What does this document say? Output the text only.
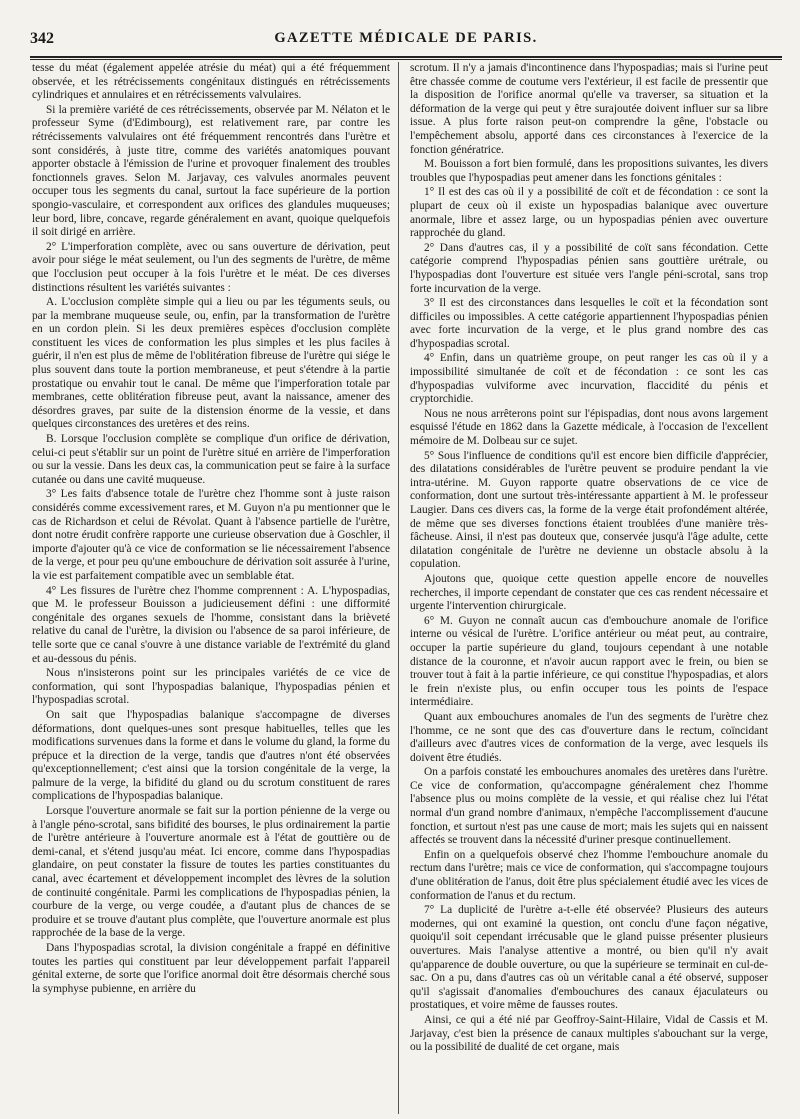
342	GAZETTE MÉDICALE DE PARIS.

tesse du méat (également appelée atrésie du méat) qui a été fréquemment observée, et les rétrécissements congénitaux distingués en rétrécissements cylindriques et annulaires et en rétrécissements valvulaires.

Si la première variété de ces rétrécissements, observée par M. Nélaton et le professeur Syme (d'Edimbourg), est relativement rare, par contre les rétrécissements valvulaires ont été fréquemment rencontrés dans l'urètre et sont considérés, à juste titre, comme des variétés anatomiques pouvant apporter obstacle à l'émission de l'urine et provoquer finalement des troubles fonctionnels graves. Selon M. Jarjavay, ces valvules anormales peuvent occuper tous les segments du canal, surtout la face supérieure de la portion spongio-vasculaire, et correspondent aux orifices des glandules muqueuses; leur bord, libre, concave, regarde généralement en avant, quoique quelquefois il soit dirigé en arrière.

2° L'imperforation complète, avec ou sans ouverture de dérivation, peut avoir pour siége le méat seulement, ou l'un des segments de l'urètre, de même que l'occlusion peut occuper à la fois l'urètre et le méat. De ces diverses distinctions résultent les variétés suivantes :

A. L'occlusion complète simple qui a lieu ou par les téguments seuls, ou par la membrane muqueuse seule, ou, enfin, par la transformation de l'urètre en un cordon plein. Si les deux premières espèces d'occlusion complète constituent les vices de conformation les plus simples et les plus faciles à guérir, il n'en est plus de même de l'oblitération fibreuse de l'urètre qui siége le plus souvent dans toute la portion membraneuse, et peut s'étendre à la partie prostatique ou envahir tout le canal. De même que l'imperforation totale par membranes, cette oblitération fibreuse peut, avant la naissance, amener des désordres graves, par suite de la distension énorme de la vessie, et dans quelques circonstances des uretères et des reins.

B. Lorsque l'occlusion complète se complique d'un orifice de dérivation, celui-ci peut s'établir sur un point de l'urètre situé en arrière de l'imperforation ou sur la vessie. Dans les deux cas, la communication peut se faire à la surface cutanée ou dans une cavité muqueuse.

3° Les faits d'absence totale de l'urètre chez l'homme sont à juste raison considérés comme excessivement rares, et M. Guyon n'a pu mentionner que le cas de Richardson et celui de Révolat. Quant à l'absence partielle de l'urètre, dont notre érudit confrère rapporte une curieuse observation due à Goschler, il importe d'ajouter qu'à ce vice de conformation se lie nécessairement l'absence de la verge, et pour peu qu'une embouchure de dérivation soit assurée à l'urine, la vie est parfaitement compatible avec un semblable état.

4° Les fissures de l'urètre chez l'homme comprennent : A. L'hypospadias, que M. le professeur Bouisson a judicieusement défini : une difformité congénitale des organes sexuels de l'homme, consistant dans la brièveté relative du canal de l'urètre, la division ou l'absence de sa paroi inférieure, de telle sorte que ce canal s'ouvre à une distance variable de l'extrémité du gland et au-dessous du pénis.

Nous n'insisterons point sur les principales variétés de ce vice de conformation, qui sont l'hypospadias balanique, l'hypospadias pénien et l'hypospadias scrotal.

On sait que l'hypospadias balanique s'accompagne de diverses déformations, dont quelques-unes sont presque habituelles, telles que les modifications survenues dans la forme et dans le volume du gland, la forme du prépuce et la direction de la verge, tandis que d'autres n'ont été observées qu'exceptionnellement; c'est ainsi que la torsion congénitale de la verge, la palmure de la verge, la bifidité du gland ou du scrotum constituent de rares complications de l'hypospadias balanique.

Lorsque l'ouverture anormale se fait sur la portion pénienne de la verge ou à l'angle péno-scrotal, sans bifidité des bourses, le plus ordinairement la partie de l'urètre antérieure à l'ouverture anormale est à l'état de gouttière ou de demi-canal, et s'étend jusqu'au méat. Ici encore, comme dans l'hypospadias glandaire, on peut constater la fissure de toutes les parties constituantes du canal, avec écartement et développement incomplet des lèvres de la solution de continuité congénitale. Parmi les complications de l'hypospadias pénien, la courbure de la verge, ou verge coudée, a d'autant plus de chances de se produire et se trouve d'autant plus complète, que l'ouverture anormale est plus rapprochée de la base de la verge.

Dans l'hypospadias scrotal, la division congénitale a frappé en définitive toutes les parties qui constituent par leur développement parfait l'appareil génital externe, de sorte que l'orifice anormal doit être désormais cherché sous la symphyse pubienne, en arrière du

scrotum. Il n'y a jamais d'incontinence dans l'hypospadias; mais si l'urine peut être chassée comme de coutume vers l'extérieur, il est facile de pressentir que la disposition de l'orifice anormal qu'elle va traverser, sa situation et la déformation de la verge qui peut y être surajoutée doivent influer sur sa libre issue. A plus forte raison peut-on comprendre la gêne, l'obstacle ou l'empêchement absolu, apporté dans ces circonstances à l'exercice de la fonction génératrice.

M. Bouisson a fort bien formulé, dans les propositions suivantes, les divers troubles que l'hypospadias peut amener dans les fonctions génitales :

1° Il est des cas où il y a possibilité de coït et de fécondation : ce sont la plupart de ceux où il existe un hypospadias balanique avec ouverture anormale, libre et assez large, ou un hypospadias pénien avec ouverture rapprochée du gland.

2° Dans d'autres cas, il y a possibilité de coït sans fécondation. Cette catégorie comprend l'hypospadias pénien sans gouttière urétrale, ou l'hypospadias dont l'ouverture est située vers l'angle péni-scrotal, sans trop forte incurvation de la verge.

3° Il est des circonstances dans lesquelles le coït et la fécondation sont difficiles ou impossibles. A cette catégorie appartiennent l'hypospadias pénien avec forte incurvation de la verge, et le plus grand nombre des cas d'hypospadias scrotal.

4° Enfin, dans un quatrième groupe, on peut ranger les cas où il y a impossibilité simultanée de coït et de fécondation : ce sont les cas d'hypospadias vulviforme avec incurvation, flaccidité du pénis et cryptorchidie.

Nous ne nous arrêterons point sur l'épispadias, dont nous avons largement esquissé l'étude en 1862 dans la Gazette médicale, à l'occasion de l'excellent mémoire de M. Dolbeau sur ce sujet.

5° Sous l'influence de conditions qu'il est encore bien difficile d'apprécier, des dilatations considérables de l'urètre peuvent se produire pendant la vie intra-utérine. M. Guyon rapporte quatre observations de ce vice de conformation, dont une surtout très-intéressante appartient à M. le professeur Laugier. Dans ces divers cas, la forme de la verge était profondément altérée, de même que ses diverses fonctions étaient troublées d'une manière très-fâcheuse. Ainsi, il n'est pas douteux que, conservée jusqu'à l'âge adulte, cette dilatation congénitale de l'urètre ne devienne un obstacle absolu à la copulation.

Ajoutons que, quoique cette question appelle encore de nouvelles recherches, il importe cependant de constater que ces cas rendent nécessaire et urgente l'intervention chirurgicale.

6° M. Guyon ne connaît aucun cas d'embouchure anomale de l'orifice interne ou vésical de l'urètre. L'orifice antérieur ou méat peut, au contraire, occuper la partie supérieure du gland, toujours cependant à une notable distance de la couronne, et n'avoir aucun rapport avec le frein, ou bien se trouver tout à fait à la partie inférieure, ce qui constitue l'hypospadias, et alors le frein n'existe plus, ou enfin occuper tous les points de l'espace intermédiaire.

Quant aux embouchures anomales de l'un des segments de l'urètre chez l'homme, ce ne sont que des cas d'ouverture dans le rectum, coïncidant d'ailleurs avec d'autres vices de conformation de la verge, avec lesquels ils doivent être étudiés.

On a parfois constaté les embouchures anomales des uretères dans l'urètre. Ce vice de conformation, qu'accompagne généralement chez l'homme l'absence plus ou moins complète de la vessie, et qui réalise chez lui l'état normal d'un grand nombre d'animaux, n'empêche l'accomplissement d'aucune fonction, et surtout n'est pas une cause de mort; mais les sujets qui en naissent affectés se trouvent dans la nécessité d'uriner presque continuellement.

Enfin on a quelquefois observé chez l'homme l'embouchure anomale du rectum dans l'urètre; mais ce vice de conformation, qui s'accompagne toujours d'une oblitération de l'anus, doit être plus spécialement étudié avec les vices de conformation de l'anus et du rectum.

7° La duplicité de l'urètre a-t-elle été observée? Plusieurs des auteurs modernes, qui ont examiné la question, ont conclu d'une façon négative, quoiqu'il soit cependant irrécusable que le gland puisse présenter plusieurs ouvertures. Mais l'analyse attentive a montré, ou bien qu'il n'y avait qu'apparence de double ouverture, ou que la supérieure se terminait en cul-de-sac. On a pu, dans d'autres cas où un véritable canal a été observé, supposer qu'il s'agissait d'anomalies d'embouchures des canaux éjaculateurs ou prostatiques, et voire même de fausses routes.

Ainsi, ce qui a été nié par Geoffroy-Saint-Hilaire, Vidal de Cassis et M. Jarjavay, c'est bien la présence de canaux multiples s'abouchant sur la verge, ou la possibilité de dualité de cet organe, mais
